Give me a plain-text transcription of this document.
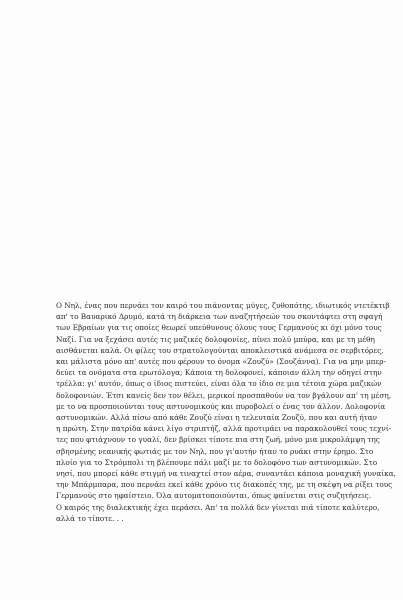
Ο Νηλ, ένας που περνάει τον καιρό του πιάνοντας μύγες, ζυθοπότης, ιδιωτικός ντετέκτιβ
απ' το Βαυαρικό Δρυμό, κατά τη διάρκεια των αναζητήσεών του σκοντάφτει στη σφαγή
των Εβραίων για τις οποίες θεωρεί υπεύθυνους όλους τους Γερμανούς κι όχι μόνο τους
Ναζί. Για να ξεχάσει αυτές τις μαζικές δολοφονίες, πίνει πολύ μπύρα, και με τη μέθη
αισθάνεται καλά. Οι φίλες του στρατολογούνται αποκλειστικά ανάμεσα σε σερβιτόρες,
και μάλιστα μόνο απ' αυτές που φέρουν το όνομα «Ζουζύ» (Σουζάννα). Για να μην μπερ-
δεύει τα ονόματα στα ερωτόλογα; Κάποια τη δολοφονεί, κάποιαν άλλη την οδηγεί στην
τρέλλα: γι' αυτόν, όπως ο ίδιος πιστεύει, είναι όλα το ίδιο σε μια τέτοια χώρα μαζικών
δολοφονιών. Έτσι κανείς δεν τον θέλει, μερικοί προσπαθούν να τον βγάλουν απ' τη μέση,
με το να προσποιούνται τους αστυνομικούς και πυροβολεί ο ένας τον άλλον. Δολοφονία
αστυνομικών. Αλλά πίσω από κάθε Ζουζύ είναι η τελευταία Ζουζύ, που και αυτή ήταν
η πρώτη. Στην πατρίδα κάνει λίγο στριπτήζ, αλλά προτιμάει να παρακολουθεί τους τεχνί-
τες που φτιάχνουν το γυαλί, δεν βρίσκει τίποτε πια στη ζωή, μόνο μια μικρολάμψη της
σβησμένης νεανικής φωτιάς με τον Νηλ, που γι'αυτήν ήταν το ρυάκι στην έρημο. Στο
πλοίο για το Στρόμπολι τη βλέπουμε πάλι μαζί με το δολοφόνο των αστυνομικών. Στο
νησί, που μπορεί κάθε στιγμή να τιναχτεί στον αέρα, συναντάει κάποια μοναχική γυναίκα,
την Μπάρμπαρα, που περνάει εκεί κάθε χρόνο τις διακοπές της, με τη σκέψη να ρίξει τους
Γερμανούς στο ηφαίστειο. Όλα αυτοματοποιούνται, όπως φαίνεται στις συζητήσεις.
Ο καιρός της διαλεκτικής έχει περάσει. Απ' τα πολλά δεν γίνεται πιά τίποτε καλύτερο,
αλλά το τίποτε. . .
